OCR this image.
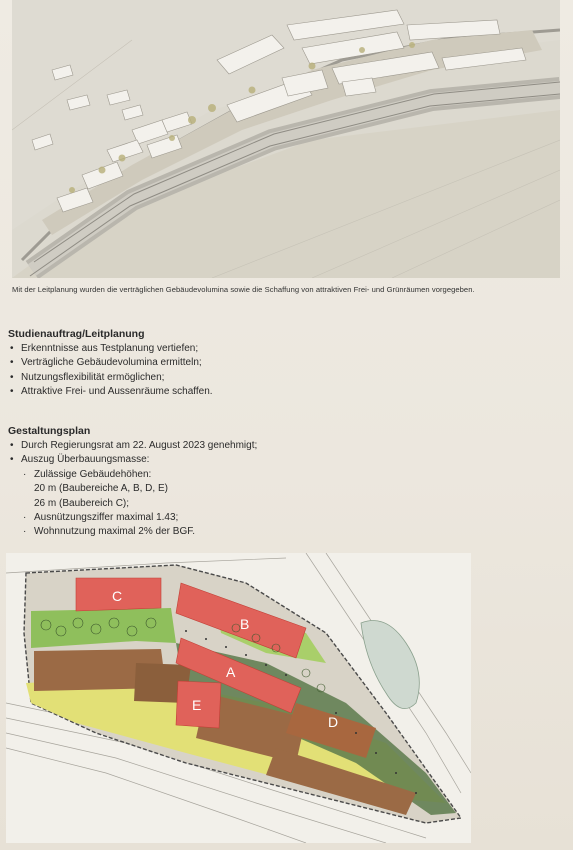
Mit der Leitplanung wurden die verträglichen Gebäudevolumina sowie die Schaffung von attraktiven Frei- und Grünräumen vorgegeben.
Studienauftrag/Leitplanung
• Erkenntnisse aus Testplanung vertiefen;
• Verträgliche Gebäudevolumina ermitteln;
• Nutzungsflexibilität ermöglichen;
• Attraktive Frei- und Aussenräume schaffen.
Gestaltungsplan
• Durch Regierungsrat am 22. August 2023 genehmigt;
• Auszug Überbauungsmasse:
· Zulässige Gebäudehöhen:
20 m (Baubereiche A, B, D, E)
26 m (Baubereich C);
· Ausnützungsziffer maximal 1.43;
· Wohnnutzung maximal 2% der BGF.
C
B
A
E
D
